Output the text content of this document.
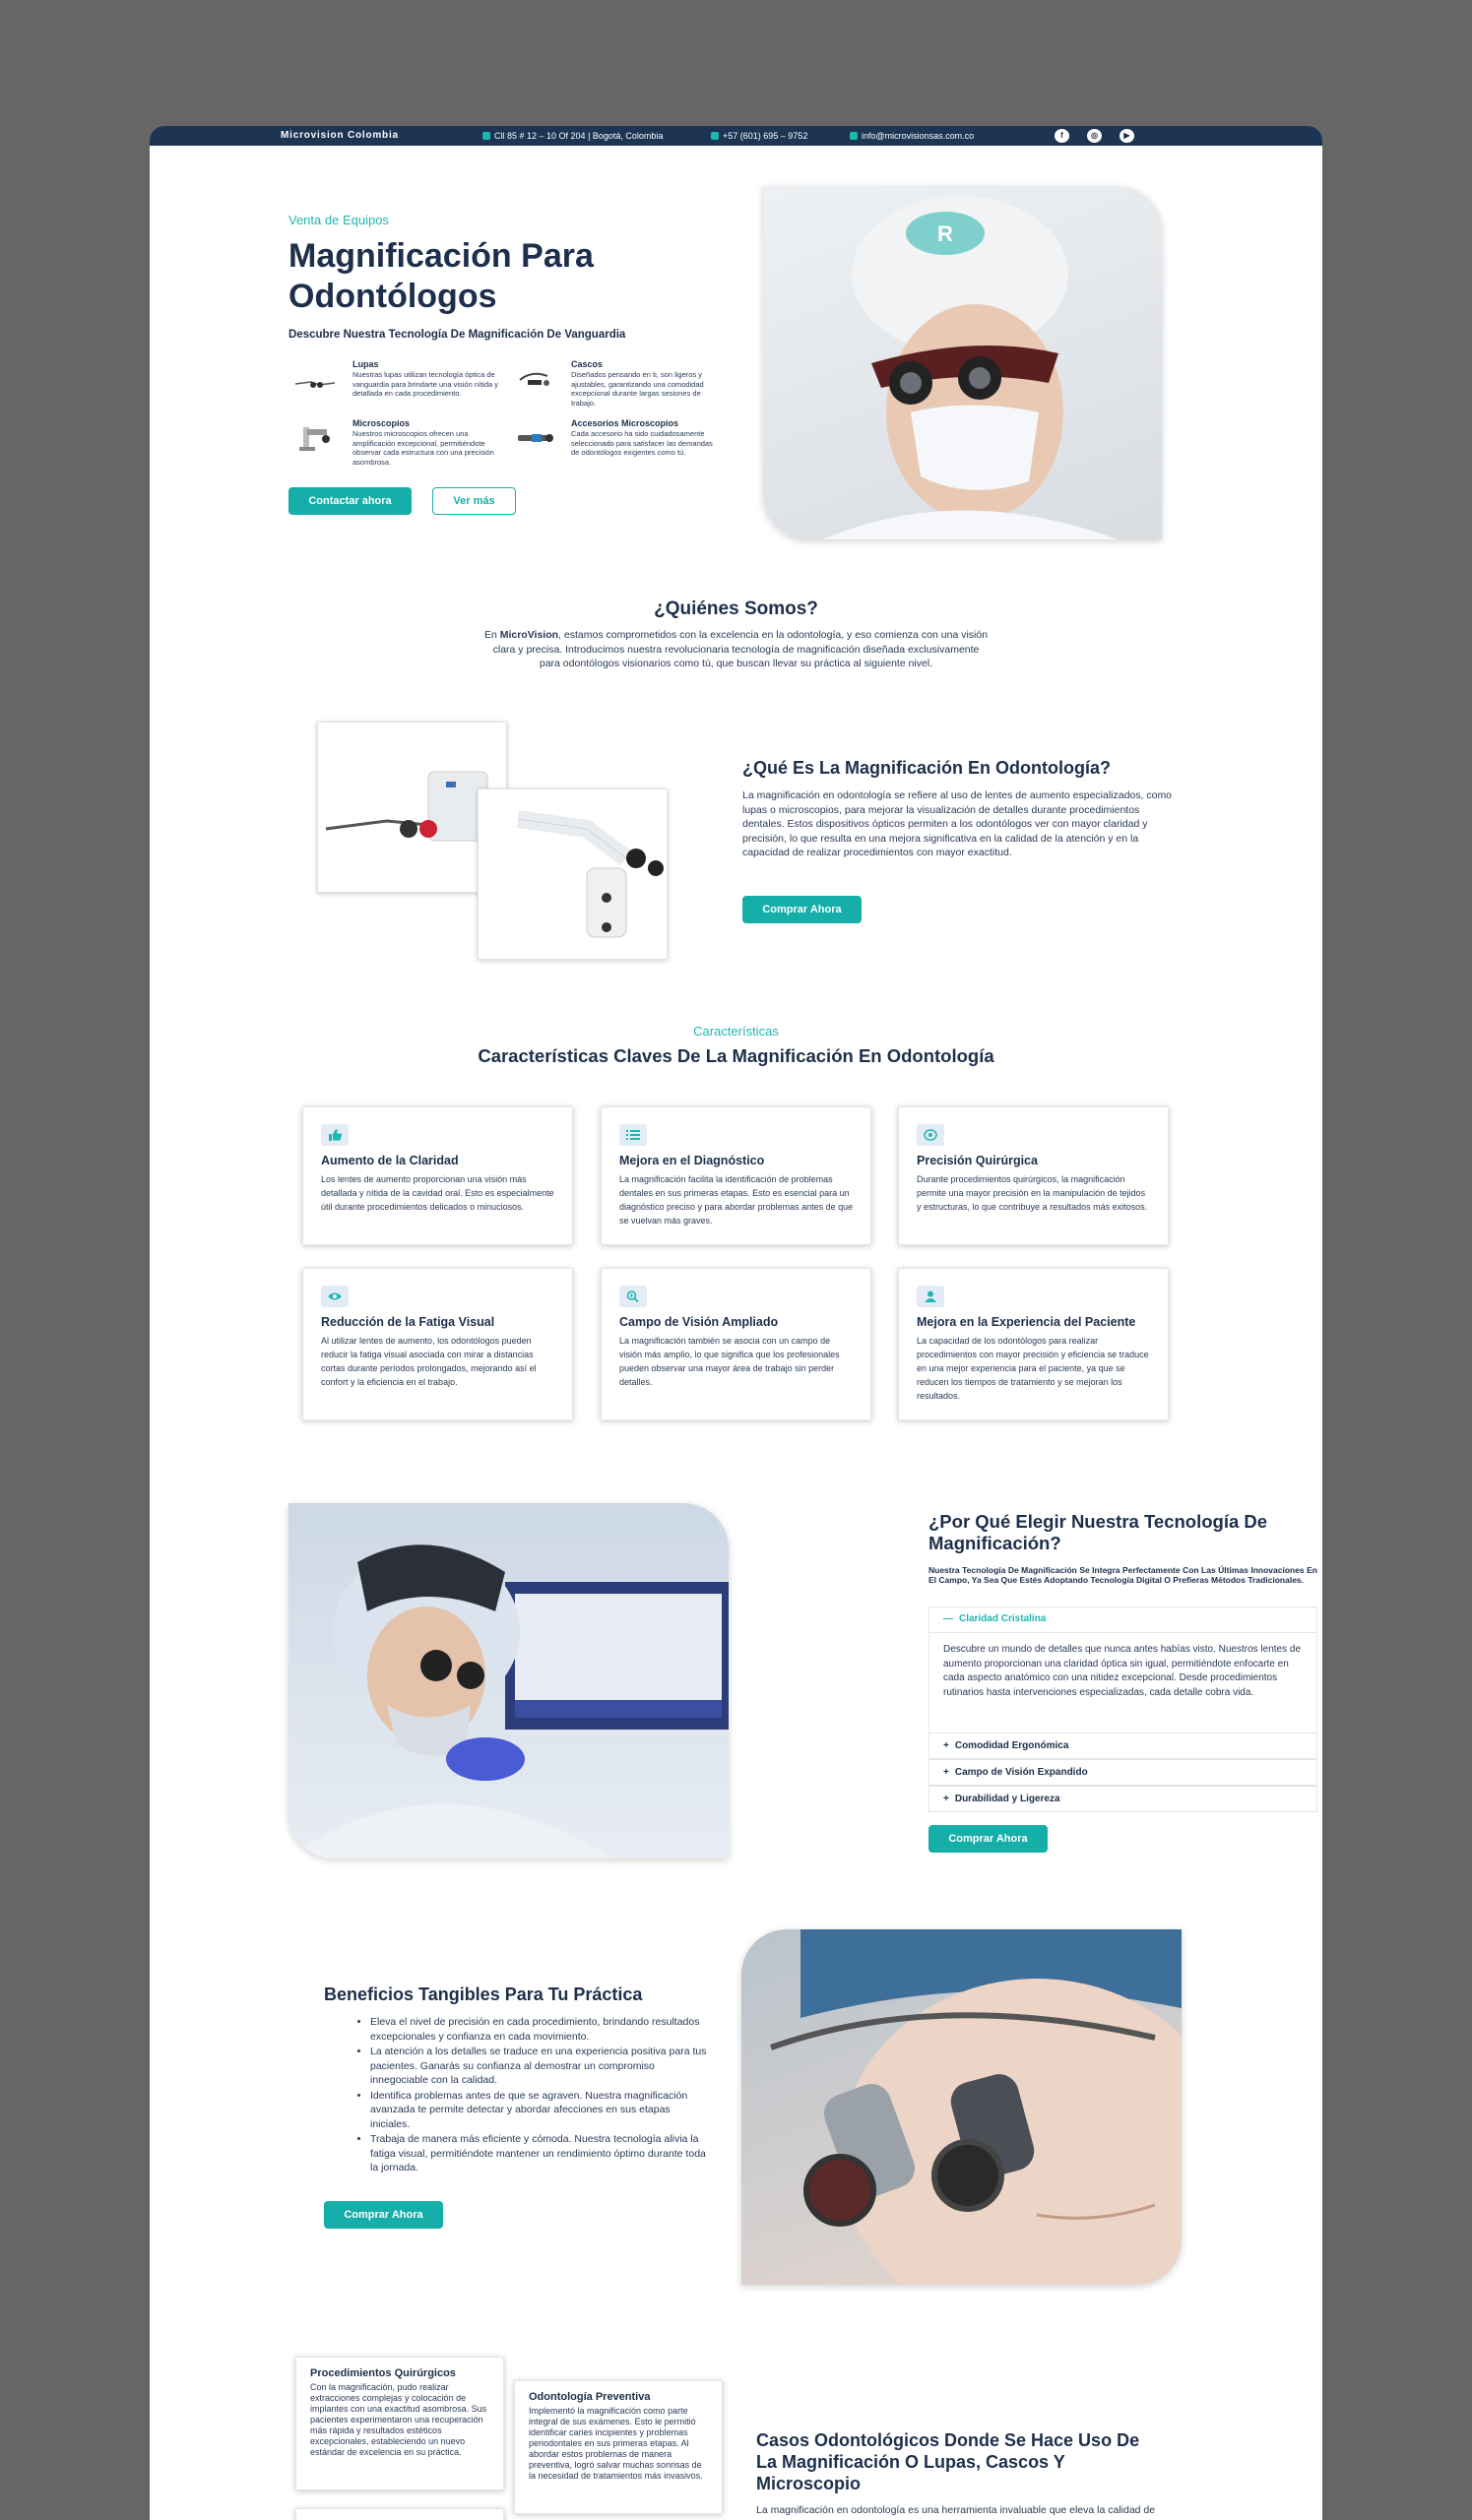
Microvision Colombia	Cll 85 # 12 – 10 Of 204 | Bogotá, Colombia	+57 (601) 695 – 9752	info@microvisionsas.com.co	f	◎	▶
Venta de Equipos
Magnificación Para
Odontólogos
Descubre Nuestra Tecnología De Magnificación De Vanguardia
Lupas
Nuestras lupas utilizan tecnología óptica de vanguardia para brindarte una visión nítida y detallada en cada procedimiento.
Cascos
Diseñados pensando en ti, son ligeros y ajustables, garantizando una comodidad excepcional durante largas sesiones de trabajo.
Microscopios
Nuestros microscopios ofrecen una amplificación excepcional, permitiéndote observar cada estructura con una precisión asombrosa.
Accesorios Microscopios
Cada accesorio ha sido cuidadosamente seleccionado para satisfacer las demandas de odontólogos exigentes como tú.
Contactar ahora	Ver más
R
¿Quiénes Somos?
En MicroVision, estamos comprometidos con la excelencia en la odontología, y eso comienza con una visión clara y precisa. Introducimos nuestra revolucionaria tecnología de magnificación diseñada exclusivamente para odontólogos visionarios como tú, que buscan llevar su práctica al siguiente nivel.
¿Qué Es La Magnificación En Odontología?
La magnificación en odontología se refiere al uso de lentes de aumento especializados, como lupas o microscopios, para mejorar la visualización de detalles durante procedimientos dentales. Estos dispositivos ópticos permiten a los odontólogos ver con mayor claridad y precisión, lo que resulta en una mejora significativa en la calidad de la atención y en la capacidad de realizar procedimientos con mayor exactitud.
Comprar Ahora
Características
Características Claves De La Magnificación En Odontología
Aumento de la Claridad
Los lentes de aumento proporcionan una visión más detallada y nítida de la cavidad oral. Esto es especialmente útil durante procedimientos delicados o minuciosos.
Mejora en el Diagnóstico
La magnificación facilita la identificación de problemas dentales en sus primeras etapas. Esto es esencial para un diagnóstico preciso y para abordar problemas antes de que se vuelvan más graves.
Precisión Quirúrgica
Durante procedimientos quirúrgicos, la magnificación permite una mayor precisión en la manipulación de tejidos y estructuras, lo que contribuye a resultados más exitosos.
Reducción de la Fatiga Visual
Al utilizar lentes de aumento, los odontólogos pueden reducir la fatiga visual asociada con mirar a distancias cortas durante períodos prolongados, mejorando así el confort y la eficiencia en el trabajo.
Campo de Visión Ampliado
La magnificación también se asocia con un campo de visión más amplio, lo que significa que los profesionales pueden observar una mayor área de trabajo sin perder detalles.
Mejora en la Experiencia del Paciente
La capacidad de los odontólogos para realizar procedimientos con mayor precisión y eficiencia se traduce en una mejor experiencia para el paciente, ya que se reducen los tiempos de tratamiento y se mejoran los resultados.
¿Por Qué Elegir Nuestra Tecnología De
Magnificación?
Nuestra Tecnología De Magnificación Se Integra Perfectamente Con Las Últimas Innovaciones En El Campo, Ya Sea Que Estés Adoptando Tecnología Digital O Prefieras Métodos Tradicionales.
— Claridad Cristalina
Descubre un mundo de detalles que nunca antes habías visto. Nuestros lentes de aumento proporcionan una claridad óptica sin igual, permitiéndote enfocarte en cada aspecto anatómico con una nitidez excepcional. Desde procedimientos rutinarios hasta intervenciones especializadas, cada detalle cobra vida.
+ Comodidad Ergonómica
+ Campo de Visión Expandido
+ Durabilidad y Ligereza
Comprar Ahora
Beneficios Tangibles Para Tu Práctica
• Eleva el nivel de precisión en cada procedimiento, brindando resultados excepcionales y confianza en cada movimiento.
• La atención a los detalles se traduce en una experiencia positiva para tus pacientes. Ganarás su confianza al demostrar un compromiso innegociable con la calidad.
• Identifica problemas antes de que se agraven. Nuestra magnificación avanzada te permite detectar y abordar afecciones en sus etapas iniciales.
• Trabaja de manera más eficiente y cómoda. Nuestra tecnología alivia la fatiga visual, permitiéndote mantener un rendimiento óptimo durante toda la jornada.
Comprar Ahora
Procedimientos Quirúrgicos
Con la magnificación, pudo realizar extracciones complejas y colocación de implantes con una exactitud asombrosa. Sus pacientes experimentaron una recuperación más rápida y resultados estéticos excepcionales, estableciendo un nuevo estándar de excelencia en su práctica.
Odontología Preventiva
Implementó la magnificación como parte integral de sus exámenes. Esto le permitió identificar caries incipientes y problemas periodontales en sus primeras etapas. Al abordar estos problemas de manera preventiva, logró salvar muchas sonrisas de la necesidad de tratamientos más invasivos.
Casos Odontológicos Donde Se Hace Uso De
La Magnificación O Lupas, Cascos Y
Microscopio
La magnificación en odontología es una herramienta invaluable que eleva la calidad de
